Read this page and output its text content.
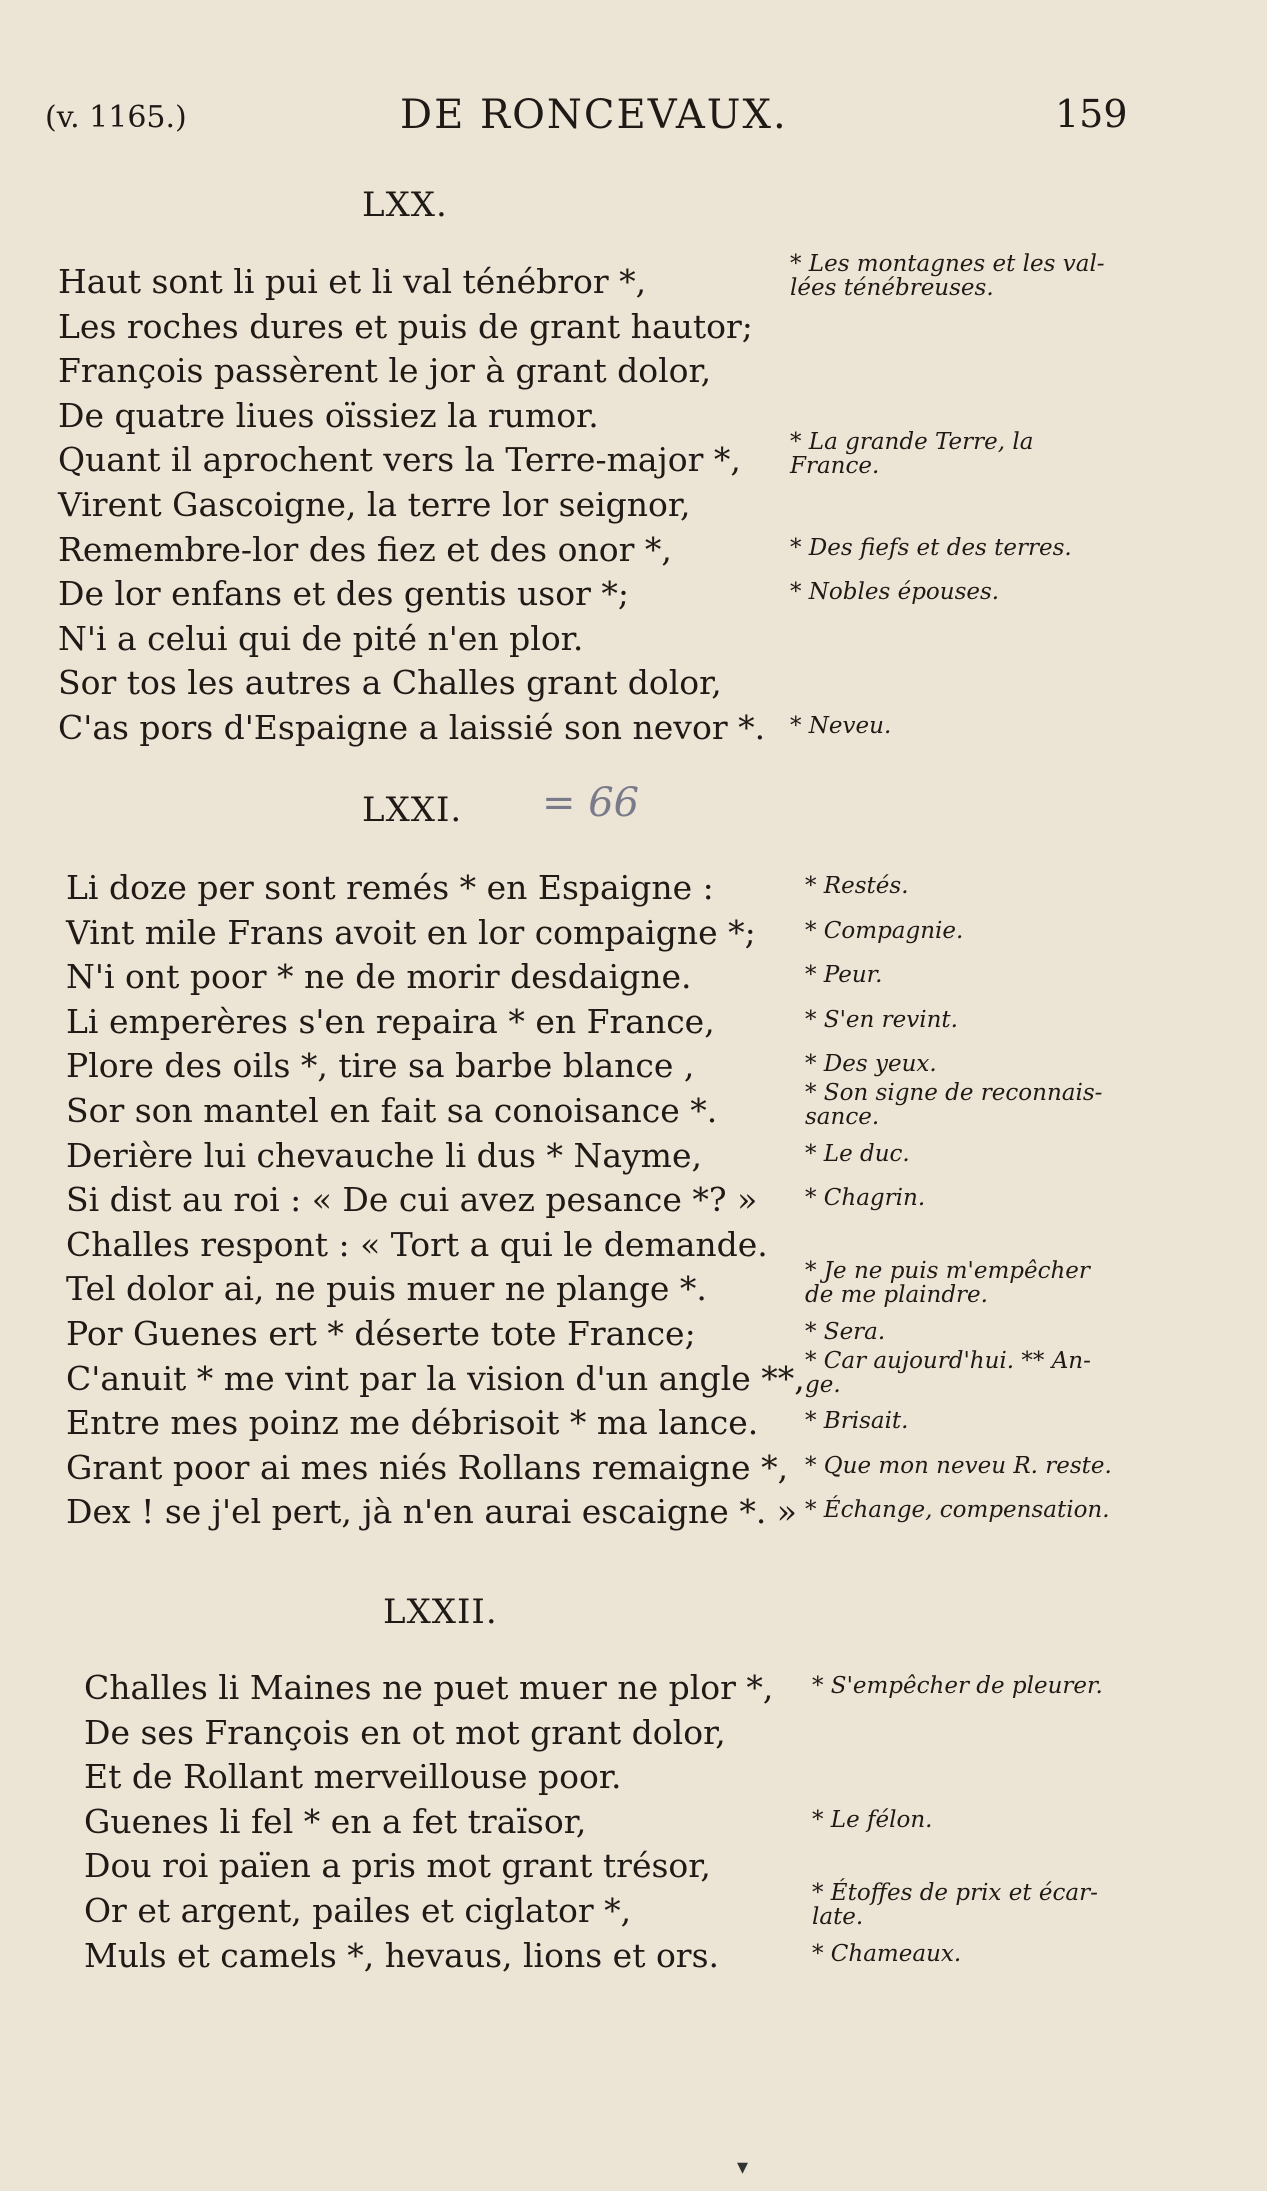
(v. 1165.)	DE RONCEVAUX.	159
LXX.
Haut sont li pui et li val ténébror *,	* Les montagnes et les val-
lées ténébreuses.
Les roches dures et puis de grant hautor;
François passèrent le jor à grant dolor,
De quatre liues oïssiez la rumor.
Quant il aprochent vers la Terre-major *, * La grande Terre, la
France.
Virent Gascoigne, la terre lor seignor,
Remembre-lor des fiez et des onor *,	* Des fiefs et des terres.
De lor enfans et des gentis usor *;	* Nobles épouses.
N'i a celui qui de pité n'en plor.
Sor tos les autres a Challes grant dolor,
C'as pors d'Espaigne a laissié son nevor *. * Neveu.
LXXI. = 66
Li doze per sont remés * en Espaigne :	* Restés.
Vint mile Frans avoit en lor compaigne *; * Compagnie.
N'i ont poor * ne de morir desdaigne.	* Peur.
Li emperères s'en repaira * en France,	* S'en revint.
Plore des oils *, tire sa barbe blance ,	* Des yeux.
Sor son mantel en fait sa conoisance *.	* Son signe de reconnais-
sance.
Derière lui chevauche li dus * Nayme,	* Le duc.
Si dist au roi : « De cui avez pesance *? » * Chagrin.
Challes respont : « Tort a qui le demande.
Tel dolor ai, ne puis muer ne plange *.	* Je ne puis m'empêcher
de me plaindre.
Por Guenes ert * déserte tote France;	* Sera.
C'anuit * me vint par la vision d'un angle **, * Car aujourd'hui. ** An-
ge.
Entre mes poinz me débrisoit * ma lance. * Brisait.
Grant poor ai mes niés Rollans remaigne *, * Que mon neveu R. reste.
Dex ! se j'el pert, jà n'en aurai escaigne *. » * Échange, compensation.
LXXII.
Challes li Maines ne puet muer ne plor *, * S'empêcher de pleurer.
De ses François en ot mot grant dolor,
Et de Rollant merveillouse poor.
Guenes li fel * en a fet traïsor,	* Le félon.
Dou roi païen a pris mot grant trésor,
Or et argent, pailes et ciglator *,	* Étoffes de prix et écar-
late.
Muls et camels *, hevaus, lions et ors.	* Chameaux.
▾
